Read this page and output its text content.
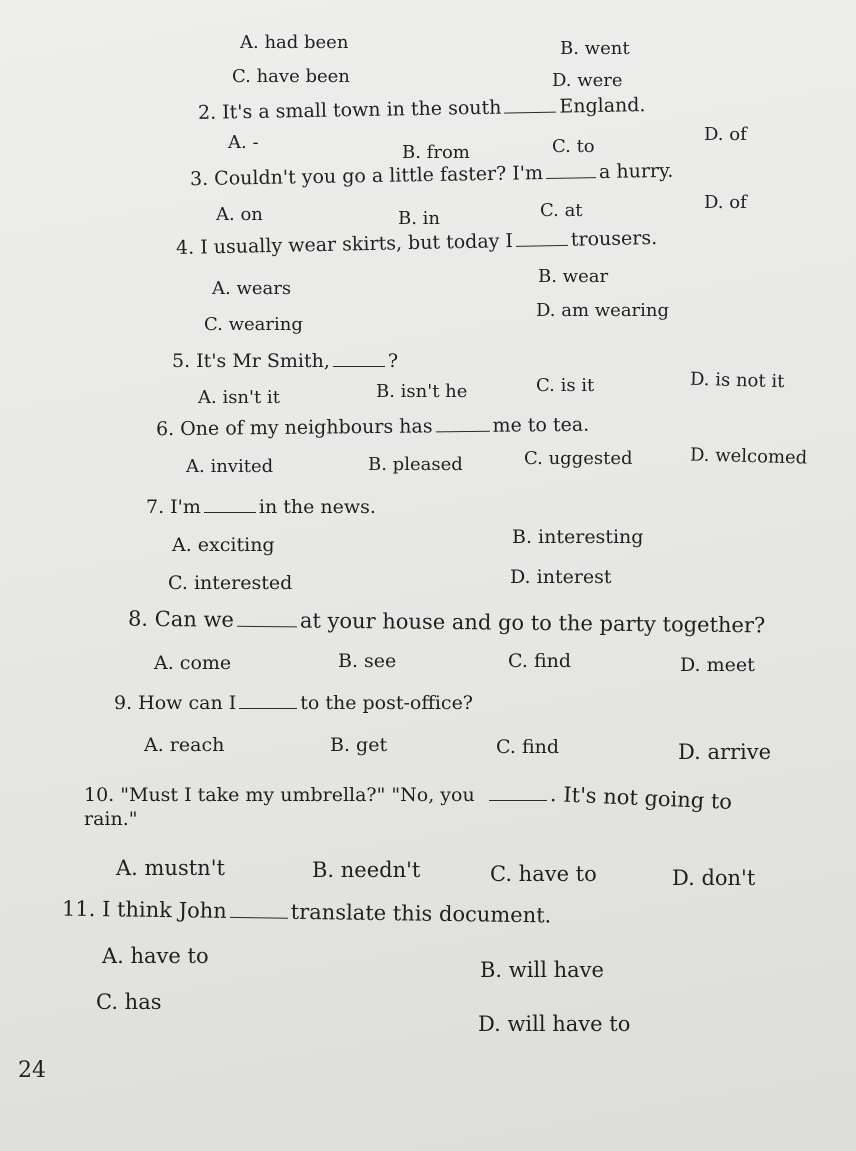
A. had been	B. went
C. have been	D. were
2. It's a small town in the south	England.
A. -	B. from	C. to
D. of
3. Couldn't you go a little faster? I'm	a hurry.
A. on	B. in	C. at	D. of
4. I usually wear skirts, but today I	trousers.
A. wears
B. wear
C. wearing
D. am wearing
5. It's Mr Smith,	?
A. isn't it	B. isn't he	C. is it	D. is not it
6. One of my neighbours has	me to tea.
A. invited	B. pleased	C. uggested	D. welcomed
7. I'm	in the news.
A. exciting	B. interesting
C. interested	D. interest
8. Can we	at your house and go to the party together?
A. come	B. see	C. find	D. meet
9. How can I	to the post-office?
A. reach	B. get	C. find	D. arrive
10. "Must I take my umbrella?" "No, you	. It's not going to
rain."
A. mustn't	B. needn't	C. have to	D. don't
11. I think John	translate this document.
A. have to
B. will have
C. has
D. will have to
24
